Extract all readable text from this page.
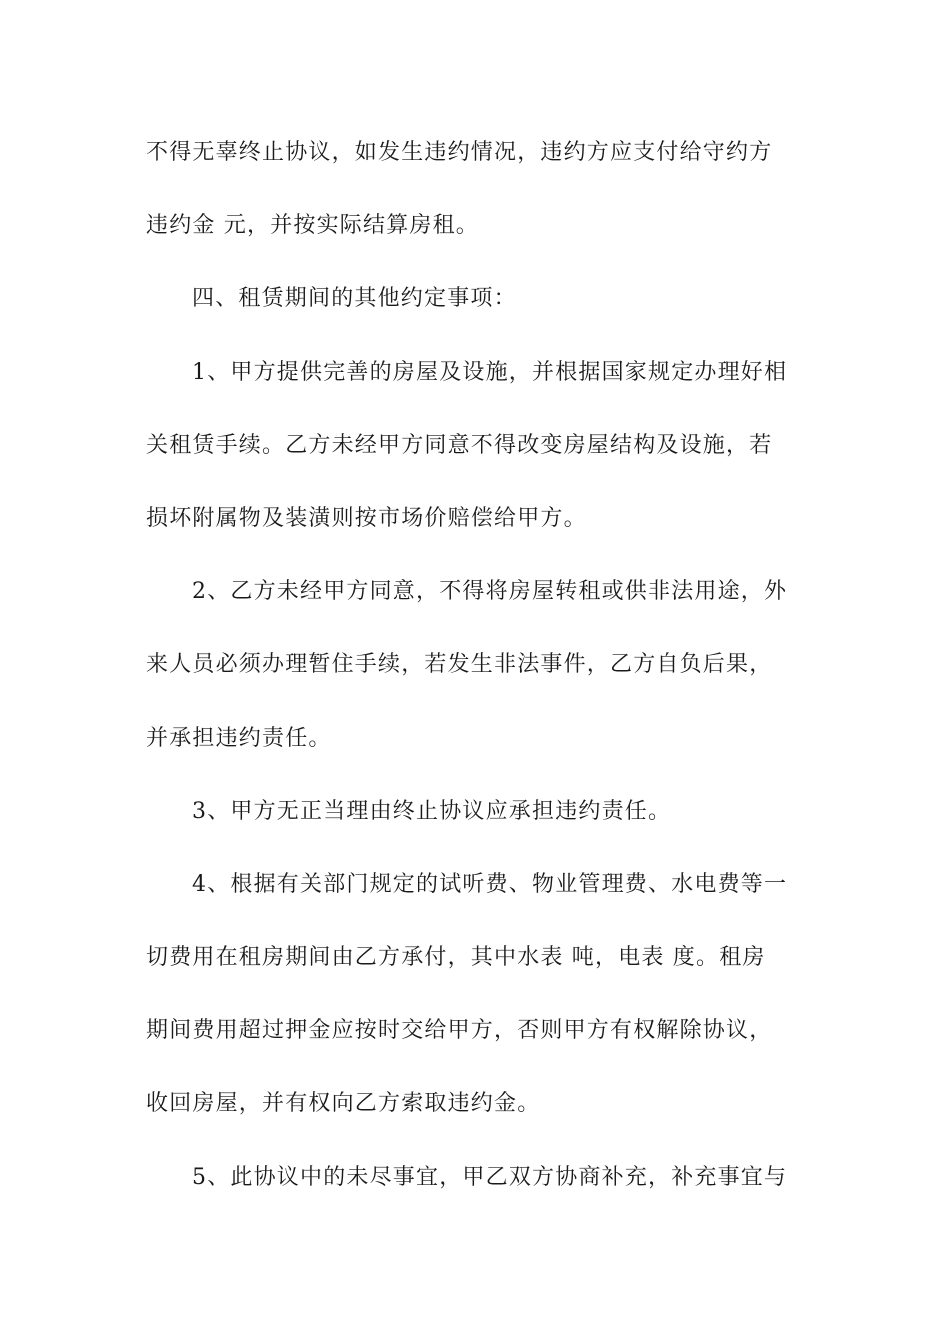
不得无辜终止协议，如发生违约情况，违约方应支付给守约方
违约金 元，并按实际结算房租。
四、租赁期间的其他约定事项：
1、甲方提供完善的房屋及设施，并根据国家规定办理好相
关租赁手续。乙方未经甲方同意不得改变房屋结构及设施，若
损坏附属物及装潢则按市场价赔偿给甲方。
2、乙方未经甲方同意，不得将房屋转租或供非法用途，外
来人员必须办理暂住手续，若发生非法事件，乙方自负后果，
并承担违约责任。
3、甲方无正当理由终止协议应承担违约责任。
4、根据有关部门规定的试听费、物业管理费、水电费等一
切费用在租房期间由乙方承付，其中水表 吨，电表 度。租房
期间费用超过押金应按时交给甲方，否则甲方有权解除协议，
收回房屋，并有权向乙方索取违约金。
5、此协议中的未尽事宜，甲乙双方协商补充，补充事宜与
